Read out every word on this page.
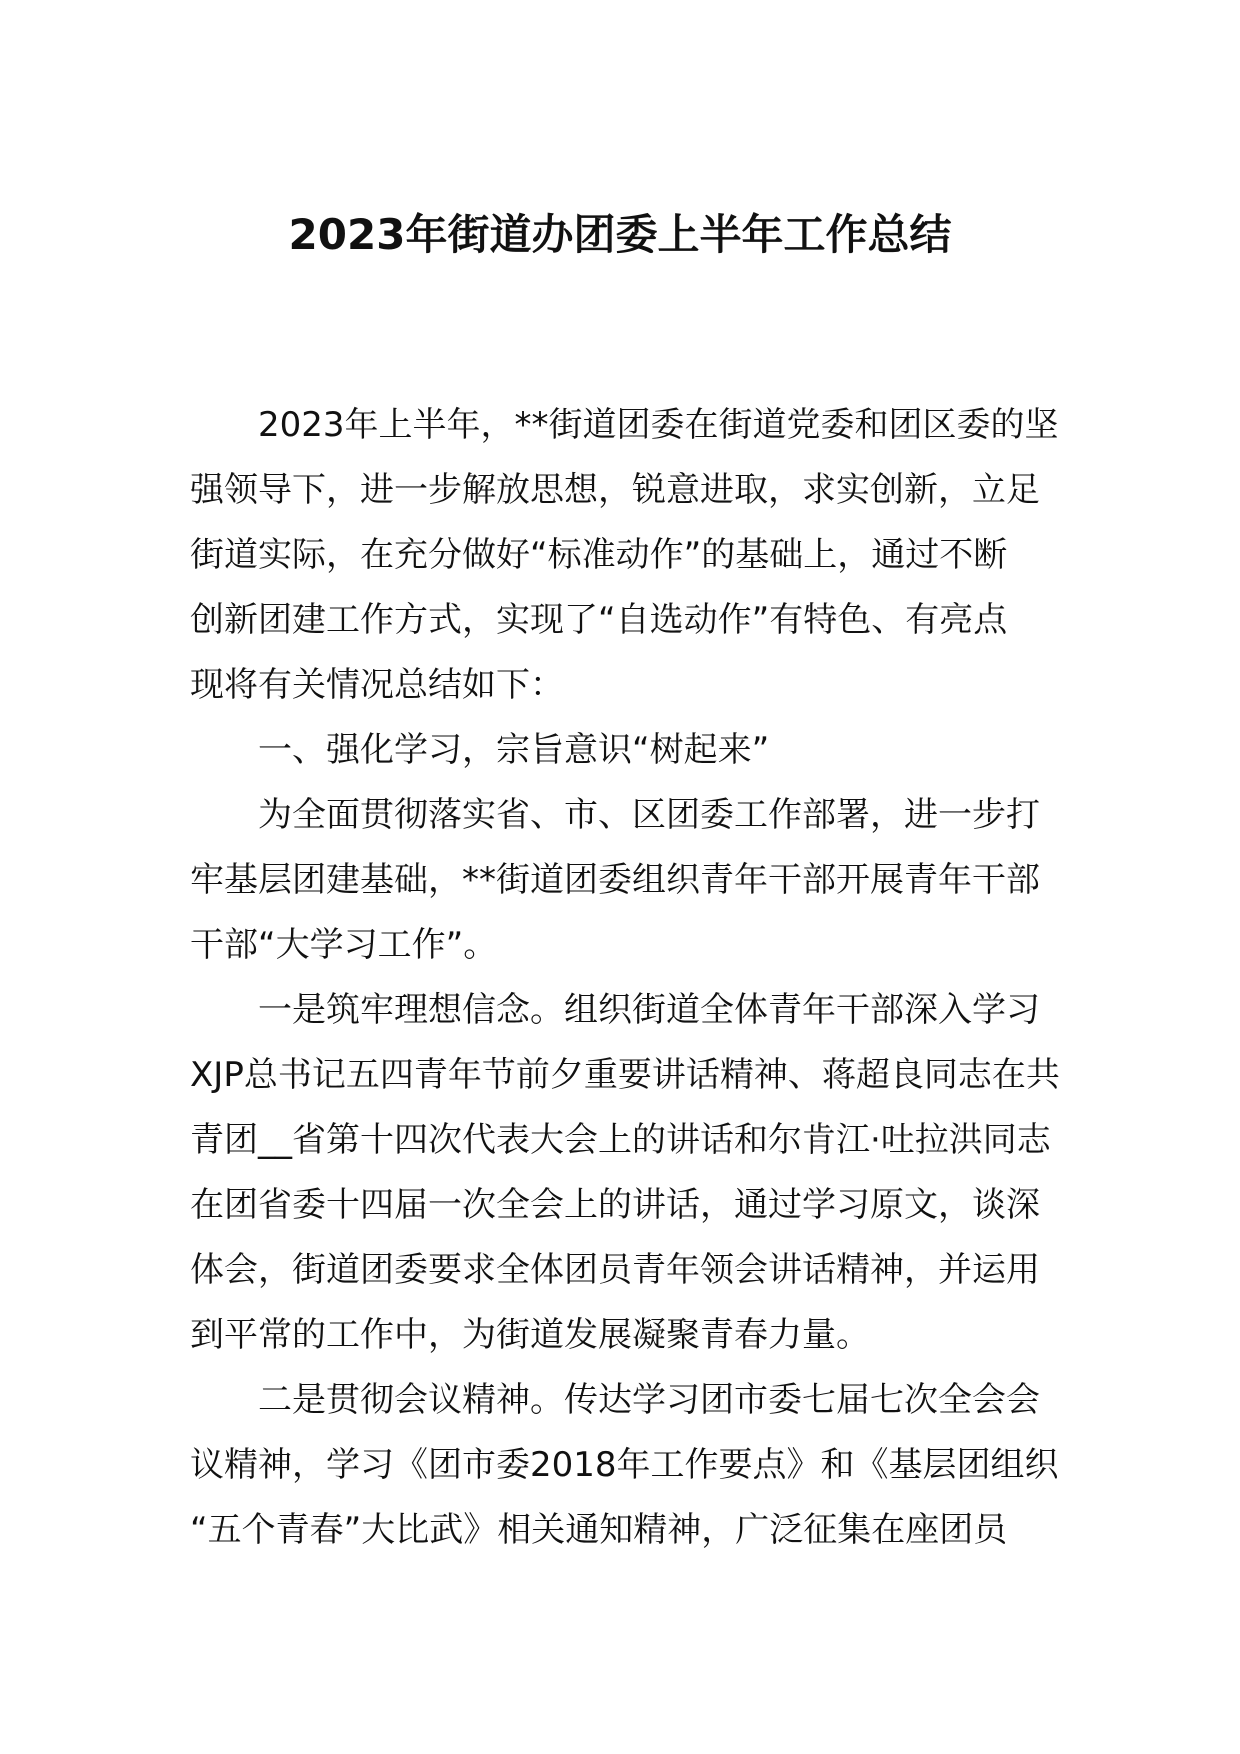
2023年街道办团委上半年工作总结
2023年上半年，**街道团委在街道党委和团区委的坚
强领导下，进一步解放思想，锐意进取，求实创新，立足
街道实际，在充分做好“标准动作”的基础上，通过不断
创新团建工作方式，实现了“自选动作”有特色、有亮点
现将有关情况总结如下：
一、强化学习，宗旨意识“树起来”
为全面贯彻落实省、市、区团委工作部署，进一步打
牢基层团建基础，**街道团委组织青年干部开展青年干部
干部“大学习工作”。
一是筑牢理想信念。组织街道全体青年干部深入学习
XJP总书记五四青年节前夕重要讲话精神、蒋超良同志在共
青团__省第十四次代表大会上的讲话和尔肯江·吐拉洪同志
在团省委十四届一次全会上的讲话，通过学习原文，谈深
体会，街道团委要求全体团员青年领会讲话精神，并运用
到平常的工作中，为街道发展凝聚青春力量。
二是贯彻会议精神。传达学习团市委七届七次全会会
议精神，学习《团市委2018年工作要点》和《基层团组织
“五个青春”大比武》相关通知精神，广泛征集在座团员
